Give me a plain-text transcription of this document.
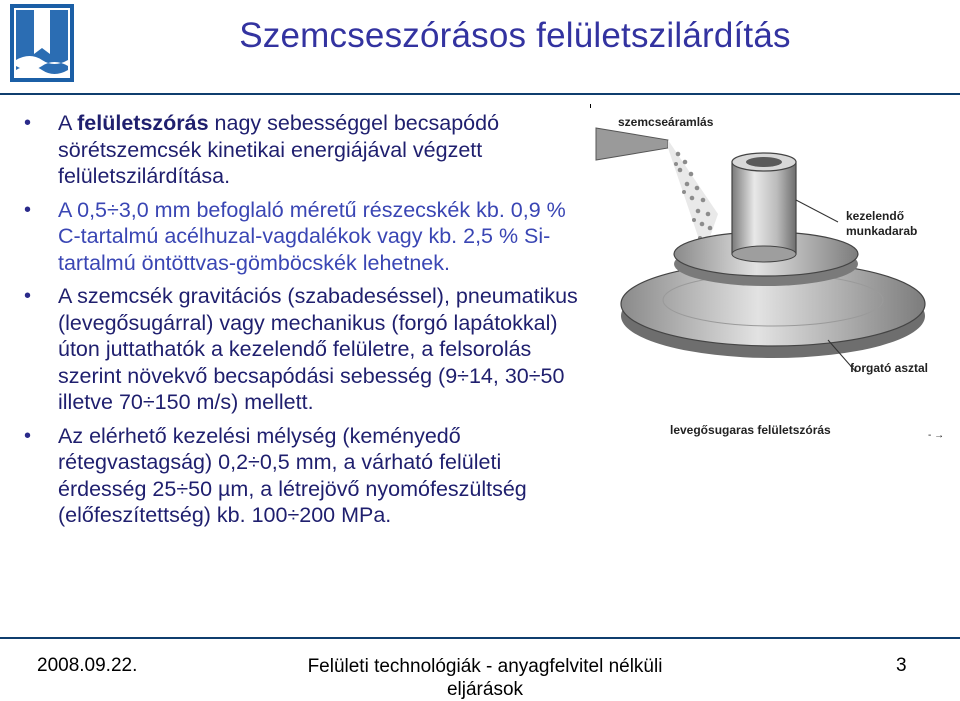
Szemcseszórásos felületszilárdítás
• A felületszórás nagy sebességgel becsapódó sörétszemcsék kinetikai energiájával végzett felületszilárdítása.
• A 0,5÷3,0 mm befoglaló méretű részecskék kb. 0,9 % C-tartalmú acélhuzal-vagdalékok vagy kb. 2,5 % Si-tartalmú öntöttvas-gömböcskék lehetnek.
• A szemcsék gravitációs (szabadeséssel), pneumatikus (levegősugárral) vagy mechanikus (forgó lapátokkal) úton juttathatók a kezelendő felületre, a felsorolás szerint növekvő becsapódási sebesség (9÷14, 30÷50 illetve 70÷150 m/s) mellett.
• Az elérhető kezelési mélység (keményedő rétegvastagság) 0,2÷0,5 mm, a várható felületi érdesség 25÷50 µm, a létrejövő nyomófeszültség (előfeszítettség) kb. 100÷200 MPa.
szemcseáramlás
kezelendő
munkadarab
forgató asztal
levegősugaras felületszórás	- →
2008.09.22.	Felületi technológiák - anyagfelvitel nélküli eljárások
3
